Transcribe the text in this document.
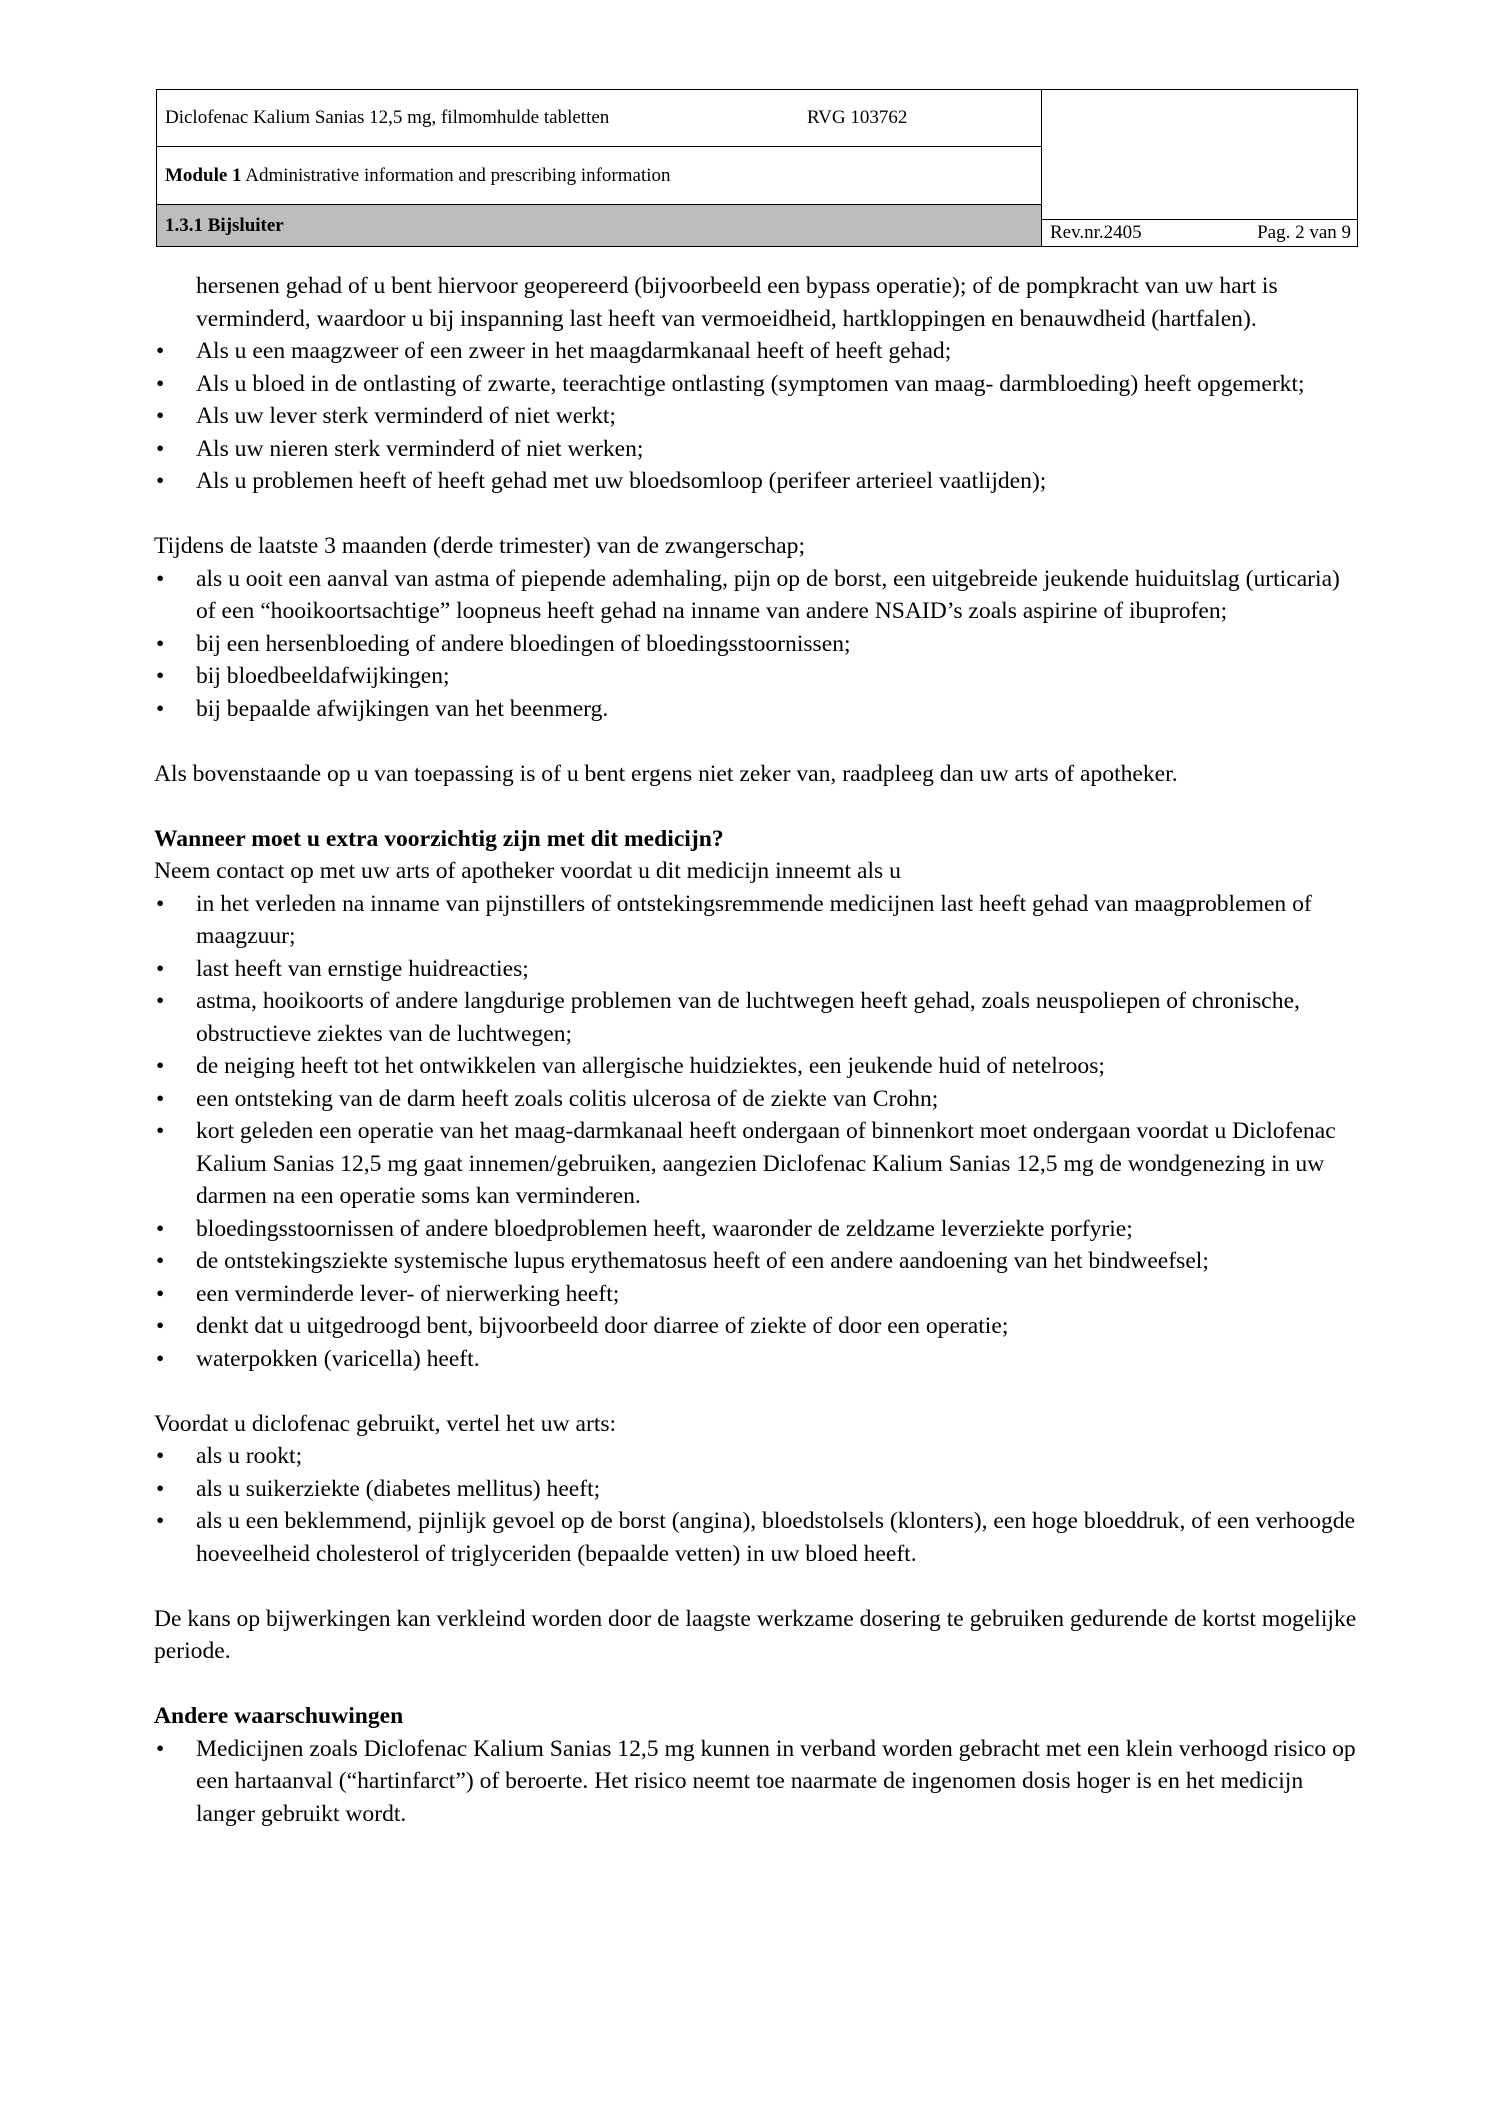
Diclofenac Kalium Sanias 12,5 mg, filmomhulde tabletten	RVG 103762
Module 1 Administrative information and prescribing information
1.3.1 Bijsluiter	Rev.nr.2405	Pag. 2 van 9

hersenen gehad of u bent hiervoor geopereerd (bijvoorbeeld een bypass operatie); of de pompkracht van uw hart is verminderd, waardoor u bij inspanning last heeft van vermoeidheid, hartkloppingen en benauwdheid (hartfalen).

• Als u een maagzweer of een zweer in het maagdarmkanaal heeft of heeft gehad;
• Als u bloed in de ontlasting of zwarte, teerachtige ontlasting (symptomen van maag- darmbloeding) heeft opgemerkt;
• Als uw lever sterk verminderd of niet werkt;
• Als uw nieren sterk verminderd of niet werken;
• Als u problemen heeft of heeft gehad met uw bloedsomloop (perifeer arterieel vaatlijden);

Tijdens de laatste 3 maanden (derde trimester) van de zwangerschap;

• als u ooit een aanval van astma of piepende ademhaling, pijn op de borst, een uitgebreide jeukende huiduitslag (urticaria) of een “hooikoortsachtige” loopneus heeft gehad na inname van andere NSAID’s zoals aspirine of ibuprofen;
• bij een hersenbloeding of andere bloedingen of bloedingsstoornissen;
• bij bloedbeeldafwijkingen;
• bij bepaalde afwijkingen van het beenmerg.

Als bovenstaande op u van toepassing is of u bent ergens niet zeker van, raadpleeg dan uw arts of apotheker.

Wanneer moet u extra voorzichtig zijn met dit medicijn?

Neem contact op met uw arts of apotheker voordat u dit medicijn inneemt als u

• in het verleden na inname van pijnstillers of ontstekingsremmende medicijnen last heeft gehad van maagproblemen of maagzuur;
• last heeft van ernstige huidreacties;
• astma, hooikoorts of andere langdurige problemen van de luchtwegen heeft gehad, zoals neuspoliepen of chronische, obstructieve ziektes van de luchtwegen;
• de neiging heeft tot het ontwikkelen van allergische huidziektes, een jeukende huid of netelroos;
• een ontsteking van de darm heeft zoals colitis ulcerosa of de ziekte van Crohn;
• kort geleden een operatie van het maag-darmkanaal heeft ondergaan of binnenkort moet ondergaan voordat u Diclofenac Kalium Sanias 12,5 mg gaat innemen/gebruiken, aangezien Diclofenac Kalium Sanias 12,5 mg de wondgenezing in uw darmen na een operatie soms kan verminderen.
• bloedingsstoornissen of andere bloedproblemen heeft, waaronder de zeldzame leverziekte porfyrie;
• de ontstekingsziekte systemische lupus erythematosus heeft of een andere aandoening van het bindweefsel;
• een verminderde lever- of nierwerking heeft;
• denkt dat u uitgedroogd bent, bijvoorbeeld door diarree of ziekte of door een operatie;
• waterpokken (varicella) heeft.

Voordat u diclofenac gebruikt, vertel het uw arts:

• als u rookt;
• als u suikerziekte (diabetes mellitus) heeft;
• als u een beklemmend, pijnlijk gevoel op de borst (angina), bloedstolsels (klonters), een hoge bloeddruk, of een verhoogde hoeveelheid cholesterol of triglyceriden (bepaalde vetten) in uw bloed heeft.

De kans op bijwerkingen kan verkleind worden door de laagste werkzame dosering te gebruiken gedurende de kortst mogelijke periode.

Andere waarschuwingen

• Medicijnen zoals Diclofenac Kalium Sanias 12,5 mg kunnen in verband worden gebracht met een klein verhoogd risico op een hartaanval (“hartinfarct”) of beroerte. Het risico neemt toe naarmate de ingenomen dosis hoger is en het medicijn langer gebruikt wordt.
